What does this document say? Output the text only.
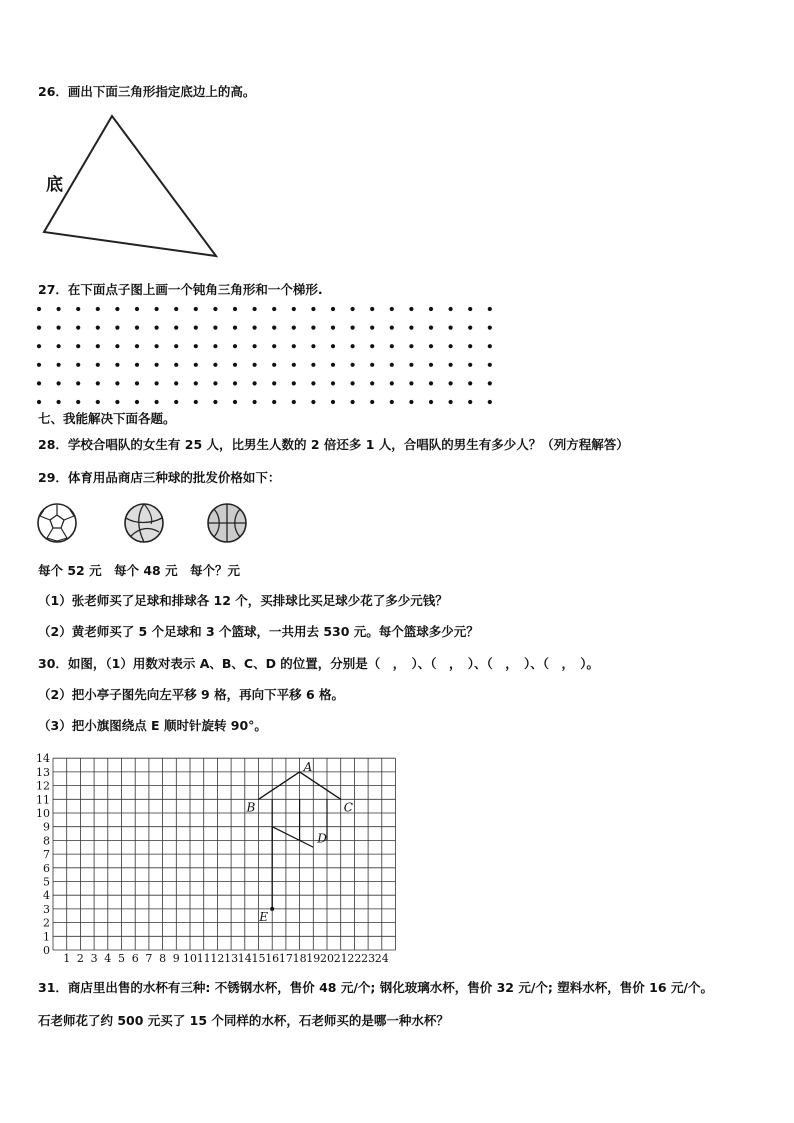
26．画出下面三角形指定底边上的高。
底
27．在下面点子图上画一个钝角三角形和一个梯形.
七、我能解决下面各题。
28．学校合唱队的女生有 25 人，比男生人数的 2 倍还多 1 人，合唱队的男生有多少人？（列方程解答）
29．体育用品商店三种球的批发价格如下：
每个 52 元 每个 48 元 每个？元
（1）张老师买了足球和排球各 12 个，买排球比买足球少花了多少元钱？
（2）黄老师买了 5 个足球和 3 个篮球，一共用去 530 元。每个篮球多少元？
30．如图，（1）用数对表示 A、B、C、D 的位置，分别是（　，　）、（　，　）、（　，　）、（　，　）。
（2）把小亭子图先向左平移 9 格，再向下平移 6 格。
（3）把小旗图绕点 E 顺时针旋转 90°。
1 2 3 4 5 6 7 8 9 10 11 12 13 14 15 16 17 18 19 20 21 22 23 24
0
1
2
3
4
5
6
7
8
9
10
11
12
13
14
A
B	C
D
E
31．商店里出售的水杯有三种: 不锈钢水杯，售价 48 元/个; 钢化玻璃水杯，售价 32 元/个; 塑料水杯，售价 16 元/个。
石老师花了约 500 元买了 15 个同样的水杯，石老师买的是哪一种水杯？
